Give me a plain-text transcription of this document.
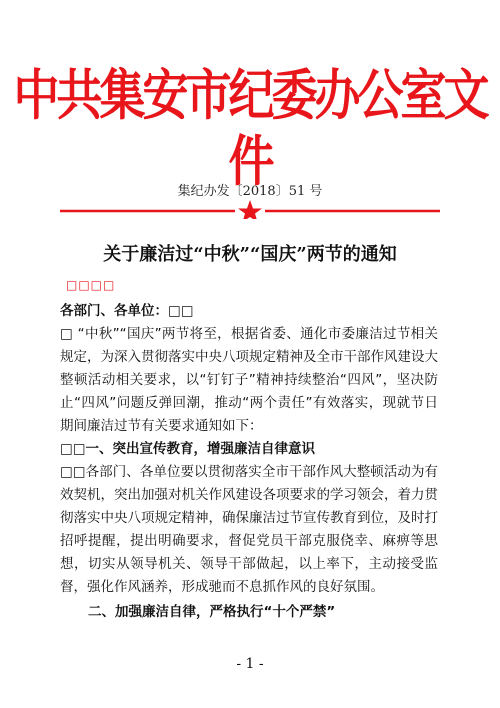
中共集安市纪委办公室文件
集纪办发〔2018〕51 号
关于廉洁过“中秋”“国庆”两节的通知
□□□□

各部门、各单位：□□

□ “中秋”“国庆”两节将至，根据省委、通化市委廉洁过节相关规定，为深入贯彻落实中央八项规定精神及全市干部作风建设大整顿活动相关要求，以“钉钉子”精神持续整治“四风”，坚决防止“四风”问题反弹回潮，推动“两个责任”有效落实，现就节日期间廉洁过节有关要求通知如下：

□□一、突出宣传教育，增强廉洁自律意识

□□各部门、各单位要以贯彻落实全市干部作风大整顿活动为有效契机，突出加强对机关作风建设各项要求的学习领会，着力贯彻落实中央八项规定精神，确保廉洁过节宣传教育到位，及时打招呼提醒，提出明确要求，督促党员干部克服侥幸、麻痹等思想，切实从领导机关、领导干部做起，以上率下，主动接受监督，强化作风涵养，形成驰而不息抓作风的良好氛围。

二、加强廉洁自律，严格执行“十个严禁”

- 1 -
